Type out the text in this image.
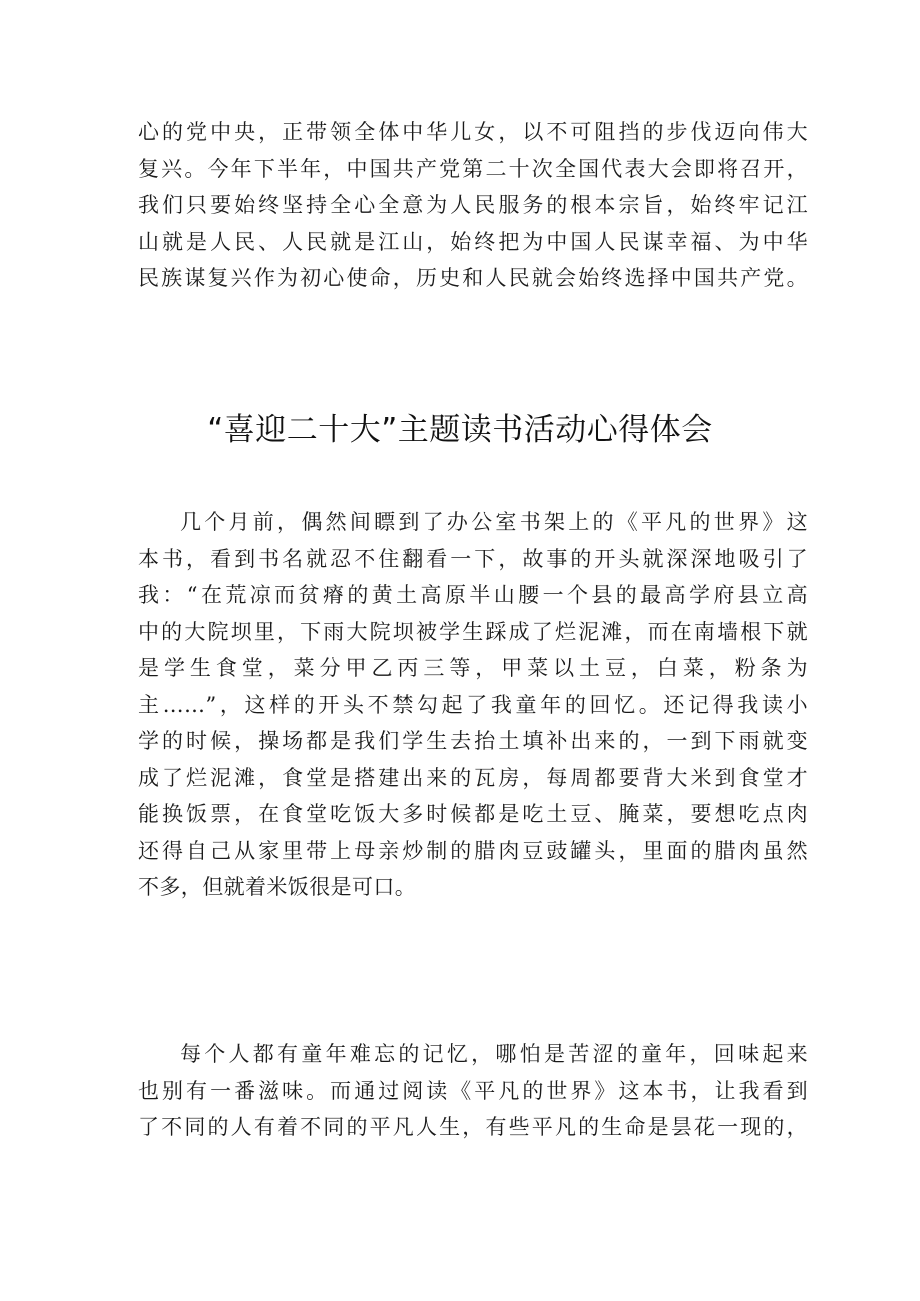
心的党中央，正带领全体中华儿女，以不可阻挡的步伐迈向伟大
复兴。今年下半年，中国共产党第二十次全国代表大会即将召开，
我们只要始终坚持全心全意为人民服务的根本宗旨，始终牢记江
山就是人民、人民就是江山，始终把为中国人民谋幸福、为中华
民族谋复兴作为初心使命，历史和人民就会始终选择中国共产党。
“喜迎二十大”主题读书活动心得体会
几个月前，偶然间瞟到了办公室书架上的《平凡的世界》这
本书，看到书名就忍不住翻看一下，故事的开头就深深地吸引了
我：“在荒凉而贫瘠的黄土高原半山腰一个县的最高学府县立高
中的大院坝里，下雨大院坝被学生踩成了烂泥滩，而在南墙根下就
是学生食堂，菜分甲乙丙三等，甲菜以土豆，白菜，粉条为
主……”，这样的开头不禁勾起了我童年的回忆。还记得我读小
学的时候，操场都是我们学生去抬土填补出来的，一到下雨就变
成了烂泥滩，食堂是搭建出来的瓦房，每周都要背大米到食堂才
能换饭票，在食堂吃饭大多时候都是吃土豆、腌菜，要想吃点肉
还得自己从家里带上母亲炒制的腊肉豆豉罐头，里面的腊肉虽然
不多，但就着米饭很是可口。
每个人都有童年难忘的记忆，哪怕是苦涩的童年，回味起来
也别有一番滋味。而通过阅读《平凡的世界》这本书，让我看到
了不同的人有着不同的平凡人生，有些平凡的生命是昙花一现的，
